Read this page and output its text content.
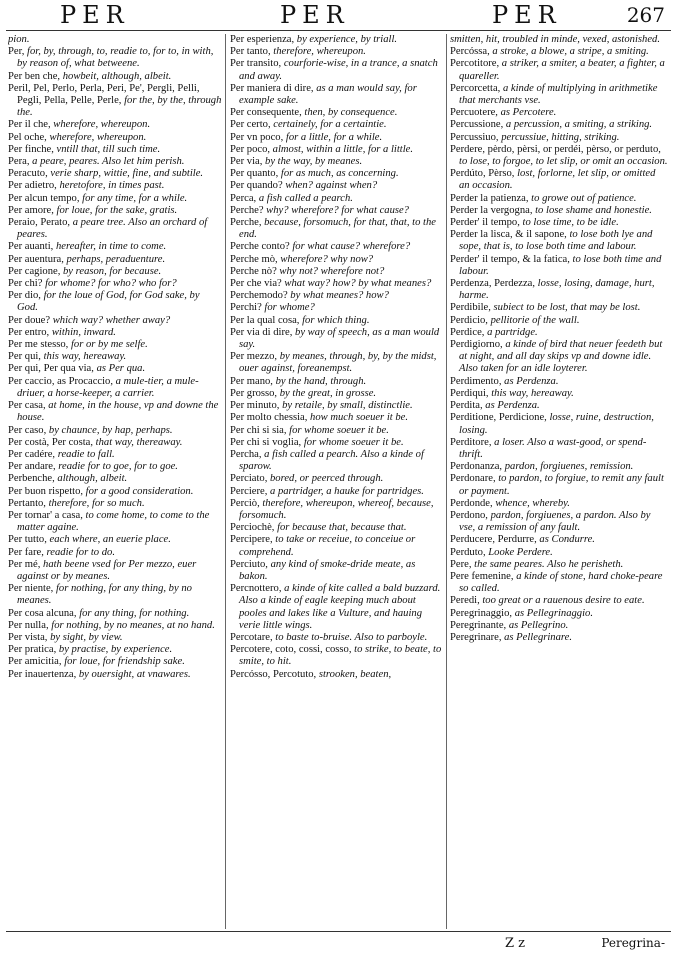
PER	PER	PER	267

pion.

Per, for, by, through, to, readie to, for to, in with, by reason of, what betweene.

Per ben che, howbeit, although, albeit.

Peril, Pel, Perlo, Perla, Peri, Pe', Pergli, Pelli, Pegli, Pella, Pelle, Perle, for the, by the, through the.

Per il che, wherefore, whereupon.

Pel oche, wherefore, whereupon.

Per finche, vntill that, till such time.

Pera, a peare, peares. Also let him perish.

Peracuto, verie sharp, wittie, fine, and subtile.

Per adietro, heretofore, in times past.

Per alcun tempo, for any time, for a while.

Per amore, for loue, for the sake, gratis.

Peraio, Perato, a peare tree. Also an orchard of peares.

Per auanti, hereafter, in time to come.

Per auentura, perhaps, peraduenture.

Per cagione, by reason, for because.

Per chi? for whome? for who? who for?

Per dio, for the loue of God, for God sake, by God.

Per doue? which way? whether away?

Per entro, within, inward.

Per me stesso, for or by me selfe.

Per qui, this way, hereaway.

Per qui, Per qua via, as Per qua.

Per caccio, as Procaccio, a mule-tier, a mule-driuer, a horse-keeper, a carrier.

Per casa, at home, in the house, vp and downe the house.

Per caso, by chaunce, by hap, perhaps.

Per costà, Per costa, that way, thereaway.

Per cadére, readie to fall.

Per andare, readie for to goe, for to goe.

Perbenche, although, albeit.

Per buon rispetto, for a good consideration.

Pertanto, therefore, for so much.

Per tornar' a casa, to come home, to come to the matter againe.

Per tutto, each where, an euerie place.

Per fare, readie for to do.

Per mé, hath beene vsed for Per mezzo, euer against or by meanes.

Per niente, for nothing, for any thing, by no meanes.

Per cosa alcuna, for any thing, for nothing.

Per nulla, for nothing, by no meanes, at no hand.

Per vista, by sight, by view.

Per pratica, by practise, by experience.

Per amicitia, for loue, for friendship sake.

Per inauertenza, by ouersight, at vnawares.

Per esperienza, by experience, by triall.

Per tanto, therefore, whereupon.

Per transito, courforie-wise, in a trance, a snatch and away.

Per maniera di dire, as a man would say, for example sake.

Per consequente, then, by consequence.

Per certo, certainely, for a certaintie.

Per vn poco, for a little, for a while.

Per poco, almost, within a little, for a little.

Per via, by the way, by meanes.

Per quanto, for as much, as concerning.

Per quando? when? against when?

Perca, a fish called a pearch.

Perche? why? wherefore? for what cause?

Perche, because, forsomuch, for that, that, to the end.

Perche conto? for what cause? wherefore?

Perche mò, wherefore? why now?

Perche nò? why not? wherefore not?

Per che via? what way? how? by what meanes?

Perchemodo? by what meanes? how?

Perchi? for whome?

Per la qual cosa, for which thing.

Per via di dire, by way of speech, as a man would say.

Per mezzo, by meanes, through, by, by the midst, ouer against, foreanempst.

Per mano, by the hand, through.

Per grosso, by the great, in grosse.

Per minuto, by retaile, by small, distinctlie.

Per molto chessia, how much soeuer it be.

Per chi si sia, for whome soeuer it be.

Per chi si voglia, for whome soeuer it be.

Percha, a fish called a pearch. Also a kinde of sparow.

Perciato, bored, or peerced through.

Perciere, a partridger, a hauke for partridges.

Perciò, therefore, whereupon, whereof, because, forsomuch.

Perciochè, for because that, because that.

Percipere, to take or receiue, to conceiue or comprehend.

Perciuto, any kind of smoke-dride meate, as bakon.

Percnottero, a kinde of kite called a bald buzzard. Also a kinde of eagle keeping much about pooles and lakes like a Vulture, and hauing verie little wings.

Percotare, to baste to-bruise. Also to parboyle.

Percotere, coto, cossi, cosso, to strike, to beate, to smite, to hit.

Percósso, Percotuto, strooken, beaten,

smitten, hit, troubled in minde, vexed, astonished.

Percóssa, a stroke, a blowe, a stripe, a smiting.

Percotitore, a striker, a smiter, a beater, a fighter, a quareller.

Percorcetta, a kinde of multiplying in arithmetike that merchants vse.

Percuotere, as Percotere.

Percussione, a percussion, a smiting, a striking.

Percussiuo, percussiue, hitting, striking.

Perdere, pèrdo, pèrsi, or perdéi, pèrso, or perduto, to lose, to forgoe, to let slip, or omit an occasion.

Perdúto, Pèrso, lost, forlorne, let slip, or omitted an occasion.

Perder la patienza, to growe out of patience.

Perder la vergogna, to lose shame and honestie.

Perder' il tempo, to lose time, to be idle.

Perder la lisca, & il sapone, to lose both lye and sope, that is, to lose both time and labour.

Perder' il tempo, & la fatica, to lose both time and labour.

Perdenza, Perdezza, losse, losing, damage, hurt, harme.

Perdibile, subiect to be lost, that may be lost.

Perdicio, pellitorie of the wall.

Perdice, a partridge.

Perdigiorno, a kinde of bird that neuer feedeth but at night, and all day skips vp and downe idle. Also taken for an idle loyterer.

Perdimento, as Perdenza.

Perdiqui, this way, hereaway.

Perdita, as Perdenza.

Perditione, Perdicione, losse, ruine, destruction, losing.

Perditore, a loser. Also a wast-good, or spend-thrift.

Perdonanza, pardon, forgiuenes, remission.

Perdonare, to pardon, to forgiue, to remit any fault or payment.

Perdonde, whence, whereby.

Perdono, pardon, forgiuenes, a pardon. Also by vse, a remission of any fault.

Perducere, Perdurre, as Condurre.

Perduto, Looke Perdere.

Pere, the same peares. Also he perisheth.

Pere femenine, a kinde of stone, hard choke-peare so called.

Peredi, too great or a rauenous desire to eate.

Peregrinaggio, as Pellegrinaggio.

Peregrinante, as Pellegrino.

Peregrinare, as Pellegrinare.

Z z	Peregrina-
